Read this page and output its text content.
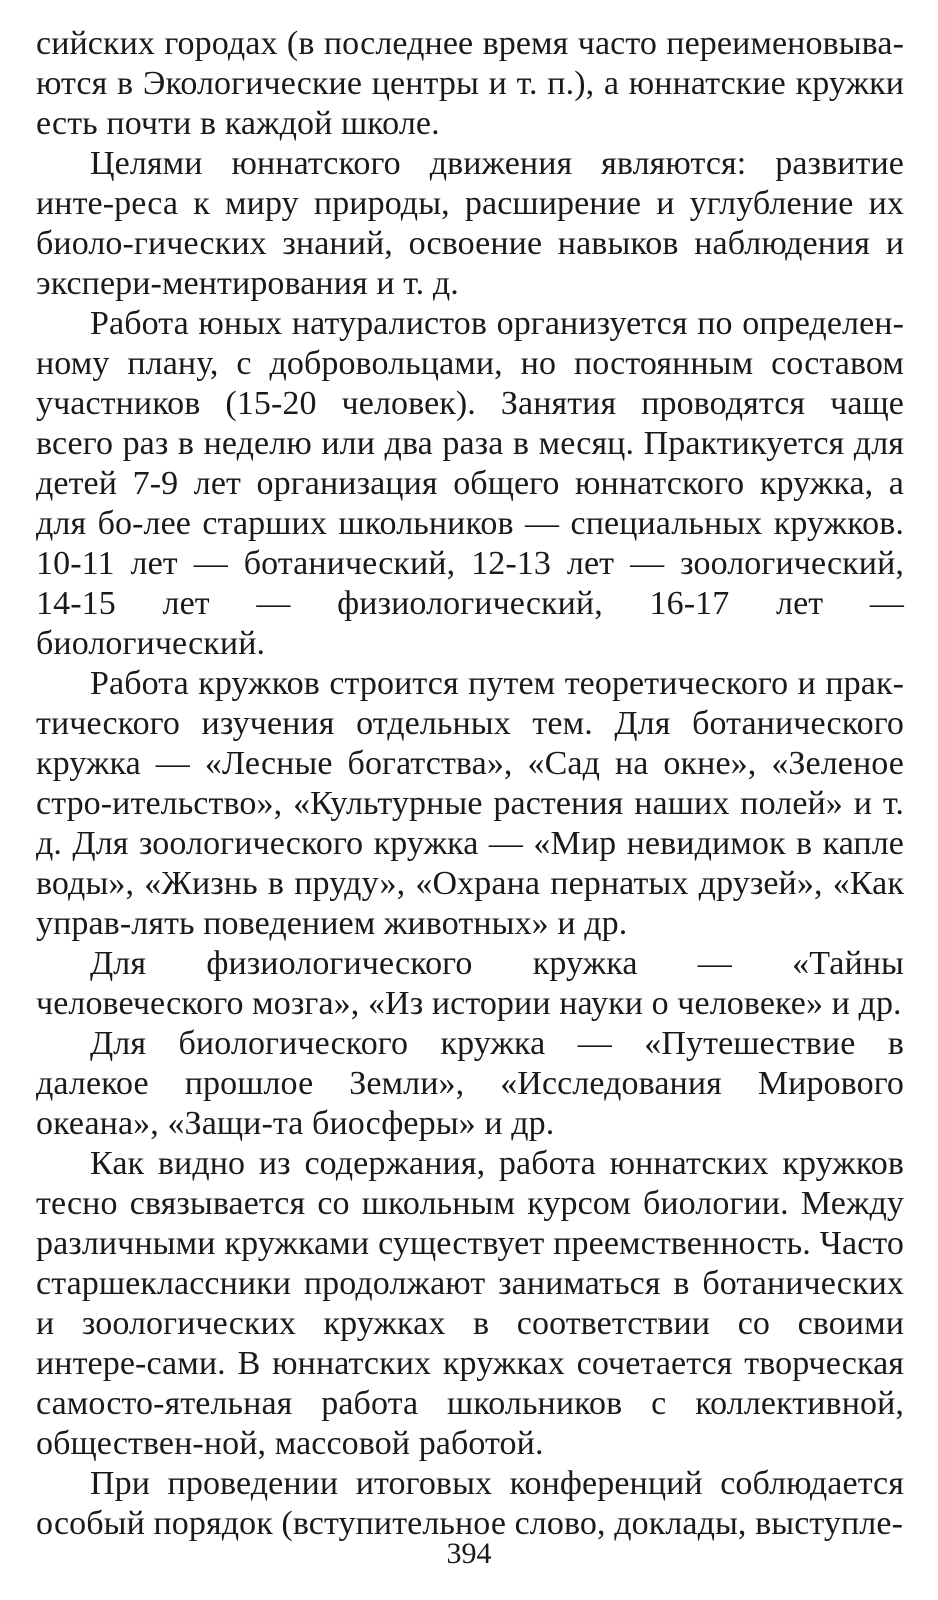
сийских городах (в последнее время часто переименовыва-ются в Экологические центры и т. п.), а юннатские кружки есть почти в каждой школе.

Целями юннатского движения являются: развитие инте-реса к миру природы, расширение и углубление их биоло-гических знаний, освоение навыков наблюдения и экспери-ментирования и т. д.

Работа юных натуралистов организуется по определен-ному плану, с добровольцами, но постоянным составом участников (15-20 человек). Занятия проводятся чаще всего раз в неделю или два раза в месяц. Практикуется для детей 7-9 лет организация общего юннатского кружка, а для бо-лее старших школьников — специальных кружков. 10-11 лет — ботанический, 12-13 лет — зоологический, 14-15 лет — физиологический, 16-17 лет — биологический.

Работа кружков строится путем теоретического и прак-тического изучения отдельных тем. Для ботанического кружка — «Лесные богатства», «Сад на окне», «Зеленое стро-ительство», «Культурные растения наших полей» и т. д. Для зоологического кружка — «Мир невидимок в капле воды», «Жизнь в пруду», «Охрана пернатых друзей», «Как управ-лять поведением животных» и др.

Для физиологического кружка — «Тайны человеческого мозга», «Из истории науки о человеке» и др.

Для биологического кружка — «Путешествие в далекое прошлое Земли», «Исследования Мирового океана», «Защи-та биосферы» и др.

Как видно из содержания, работа юннатских кружков тесно связывается со школьным курсом биологии. Между различными кружками существует преемственность. Часто старшеклассники продолжают заниматься в ботанических и зоологических кружках в соответствии со своими интере-сами. В юннатских кружках сочетается творческая самосто-ятельная работа школьников с коллективной, обществен-ной, массовой работой.

При проведении итоговых конференций соблюдается особый порядок (вступительное слово, доклады, выступле-

394
